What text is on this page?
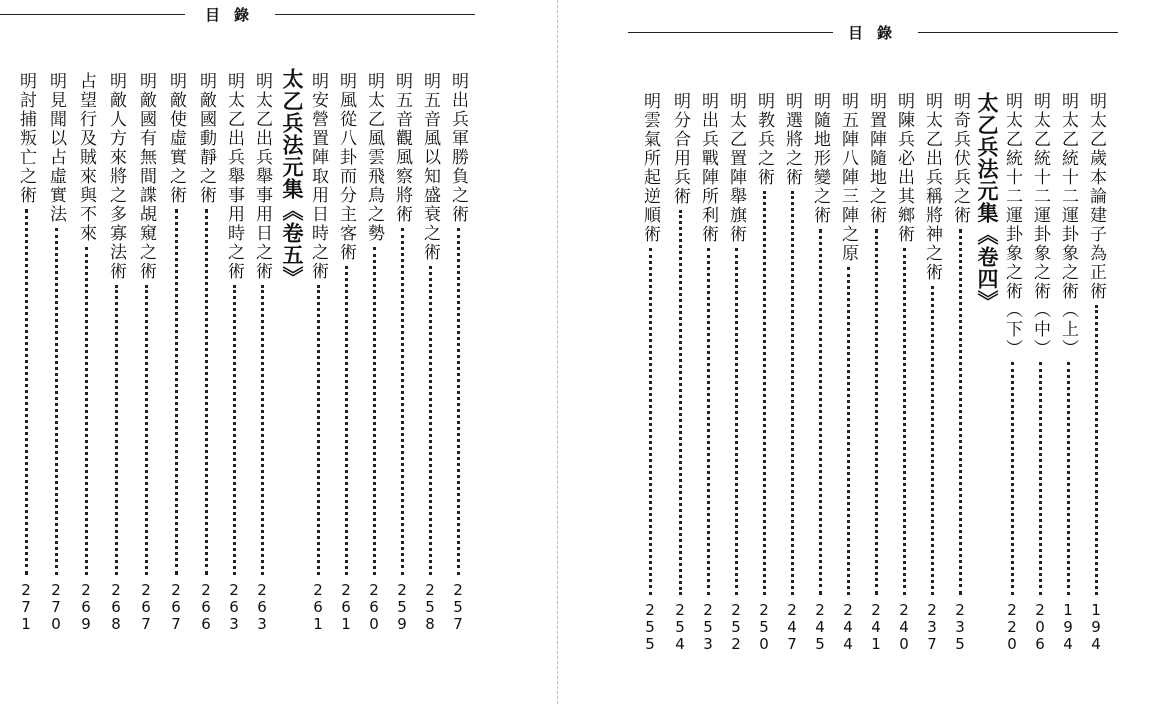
目錄
明出兵軍勝負之術
257
明五音風以知盛衰之術
258
明五音觀風察將術
259
明太乙風雲飛鳥之勢
260
明風從八卦而分主客術
261
明安營置陣取用日時之術
261
明太乙出兵舉事用日之術
263
明太乙出兵舉事用時之術
263
明敵國動靜之術
266
明敵使虛實之術
267
明敵國有無間諜覘窺之術
267
明敵人方來將之多寡法術
268
占望行及賊來與不來
269
明見聞以占虛實法
270
明討捕叛亡之術
271
太乙兵法元集《卷五》
目錄
明太乙歲本論建子為正術
194
明太乙統十二運卦象之術（上）
194
明太乙統十二運卦象之術（中）
206
明太乙統十二運卦象之術（下）
220
明奇兵伏兵之術
235
明太乙出兵稱將神之術
237
明陳兵必出其鄉術
240
明置陣隨地之術
241
明五陣八陣三陣之原
244
明隨地形變之術
245
明選將之術
247
明教兵之術
250
明太乙置陣舉旗術
252
明出兵戰陣所利術
253
明分合用兵術
254
明雲氣所起逆順術
255
太乙兵法元集《卷四》
